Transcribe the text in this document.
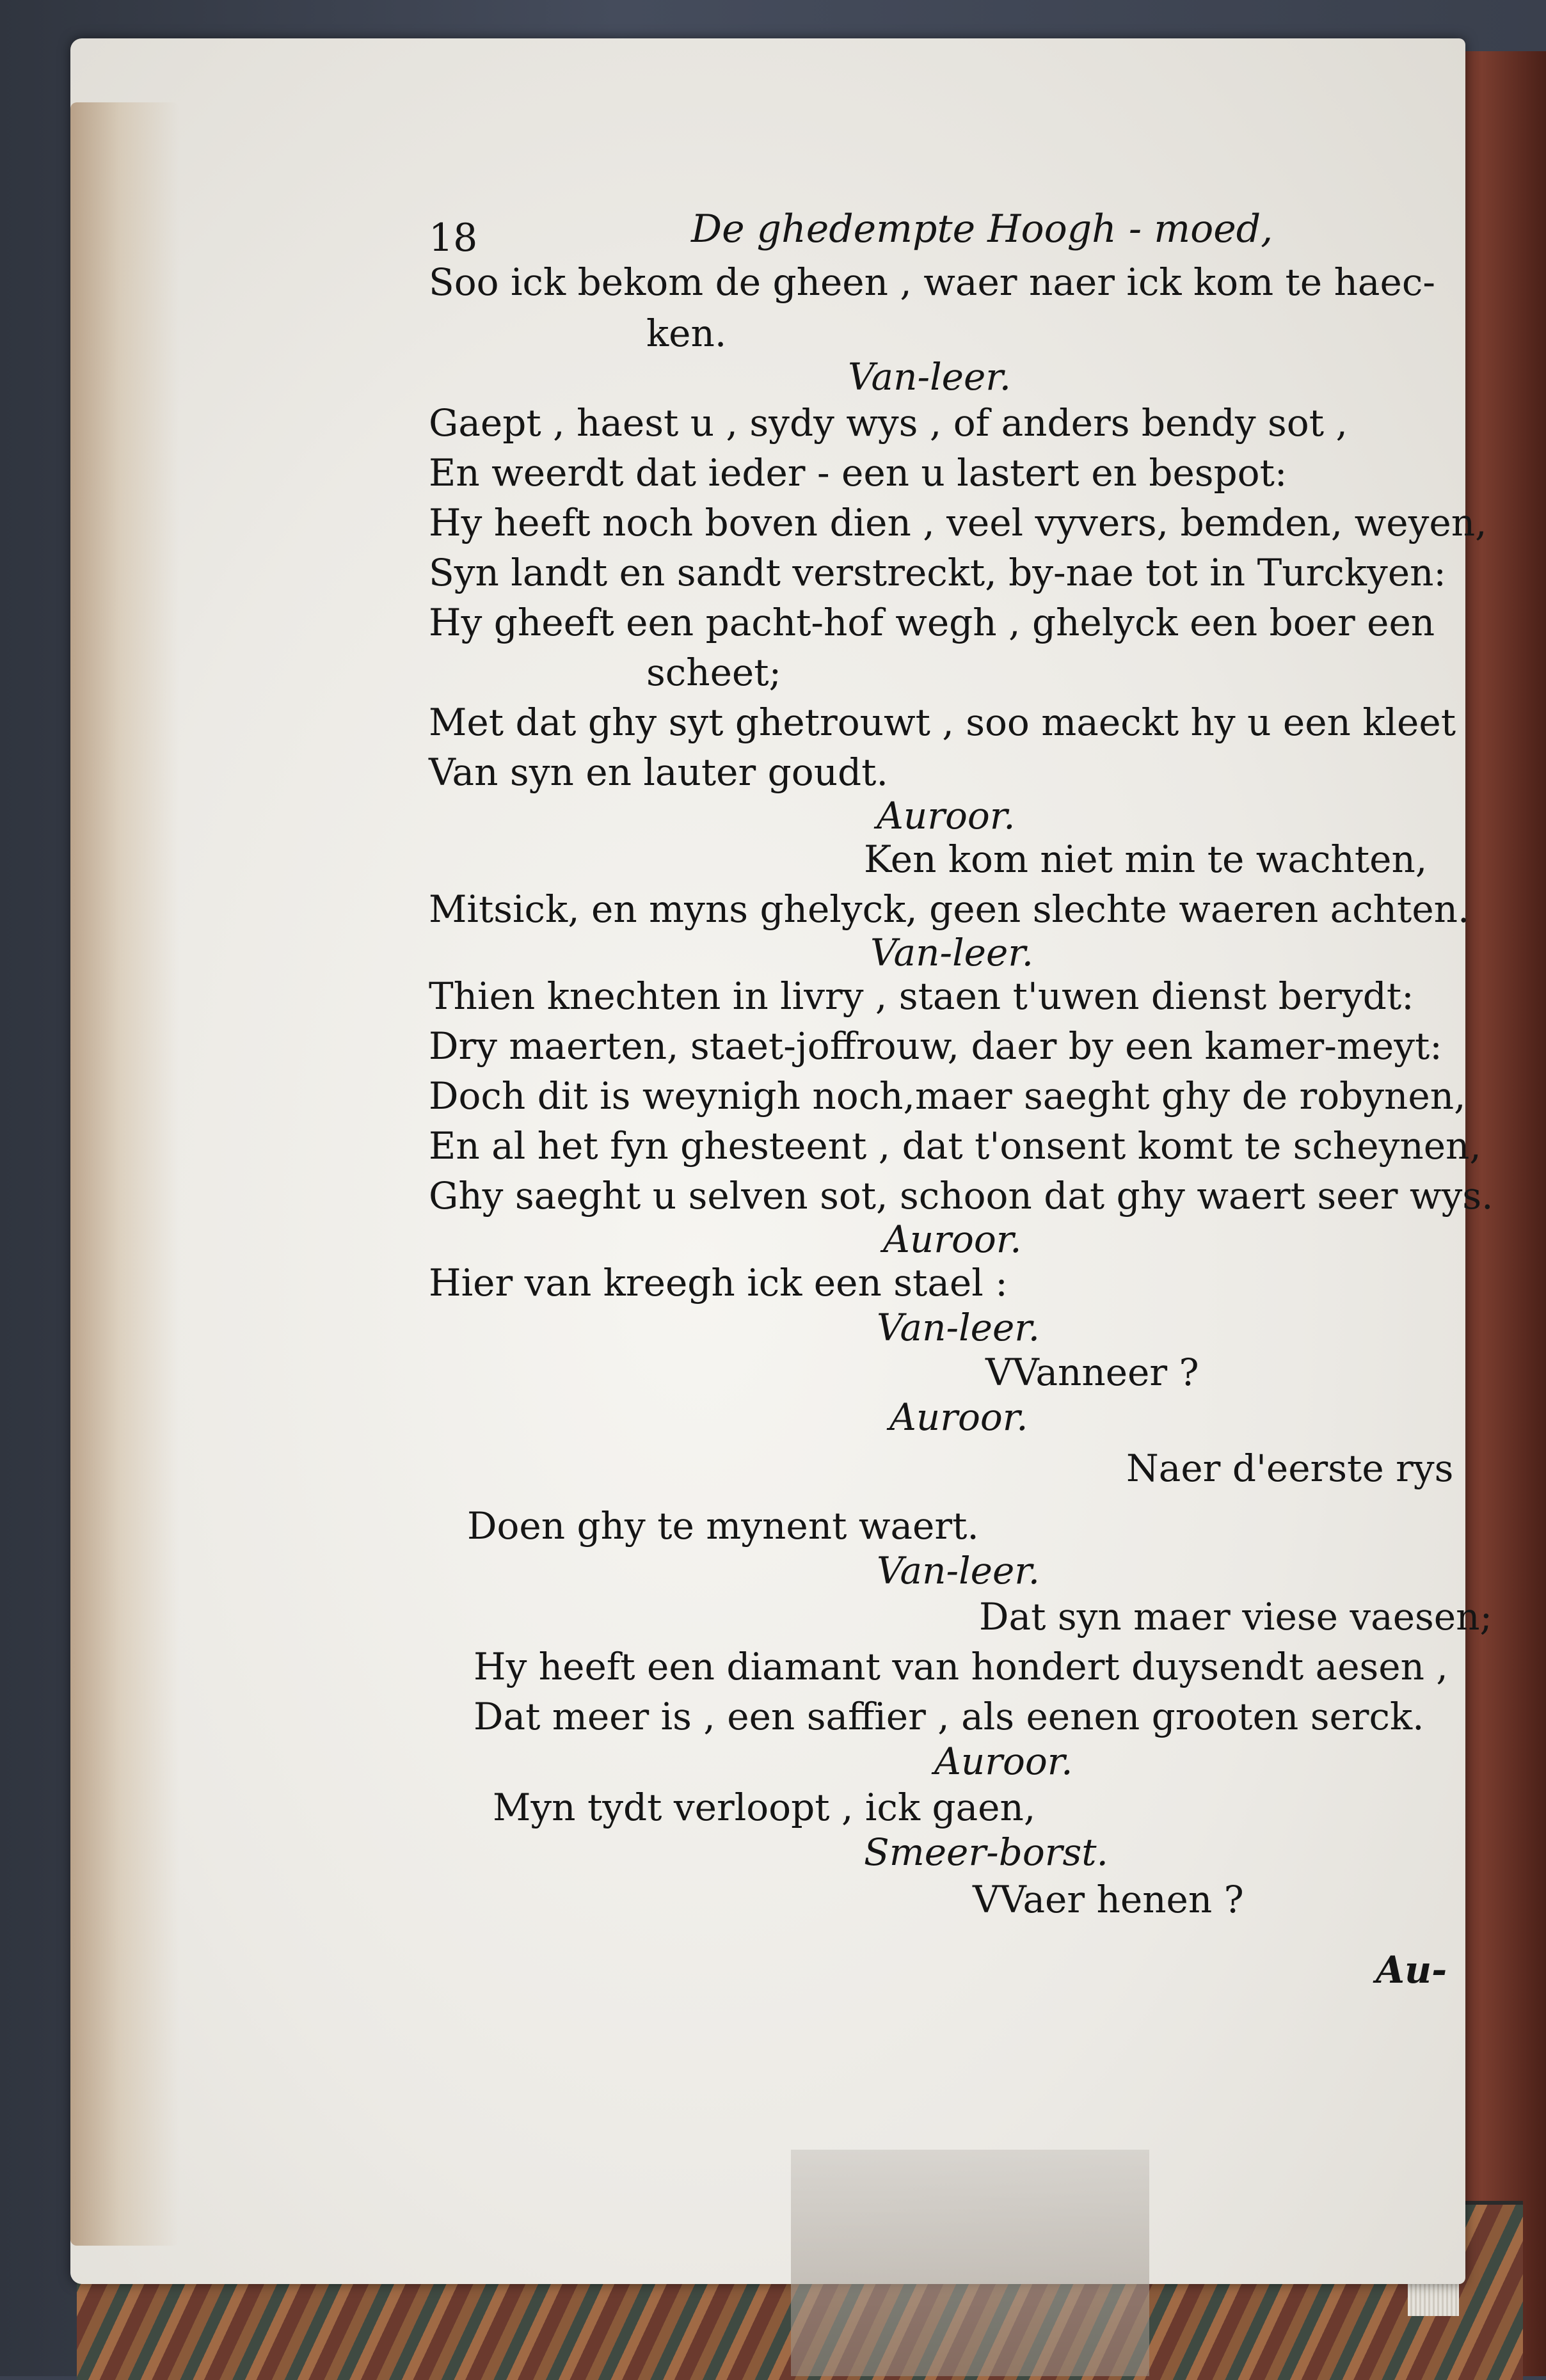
18	De ghedempte Hoogh - moed,
Soo ick bekom de gheen , waer naer ick kom te haec-
ken.
Van-leer.
Gaept , haest u , sydy wys , of anders bendy sot ,
En weerdt dat ieder - een u lastert en bespot:
Hy heeft noch boven dien , veel vyvers, bemden, weyen,
Syn landt en sandt verstreckt, by-nae tot in Turckyen:
Hy gheeft een pacht-hof wegh , ghelyck een boer een
scheet;
Met dat ghy syt ghetrouwt , soo maeckt hy u een kleet
Van syn en lauter goudt.
Auroor.
Ken kom niet min te wachten,
Mitsick, en myns ghelyck, geen slechte waeren achten.
Van-leer.
Thien knechten in livry , staen t'uwen dienst berydt:
Dry maerten, staet-joffrouw, daer by een kamer-meyt:
Doch dit is weynigh noch,maer saeght ghy de robynen,
En al het fyn ghesteent , dat t'onsent komt te scheynen,
Ghy saeght u selven sot, schoon dat ghy waert seer wys.
Auroor.
Hier van kreegh ick een stael :
Van-leer.
VVanneer ?
Auroor.
Naer d'eerste rys
Doen ghy te mynent waert.
Van-leer.
Dat syn maer viese vaesen;
Hy heeft een diamant van hondert duysendt aesen ,
Dat meer is , een saffier , als eenen grooten serck.
Auroor.
Myn tydt verloopt , ick gaen,
Smeer-borst.
VVaer henen ?
Au-
